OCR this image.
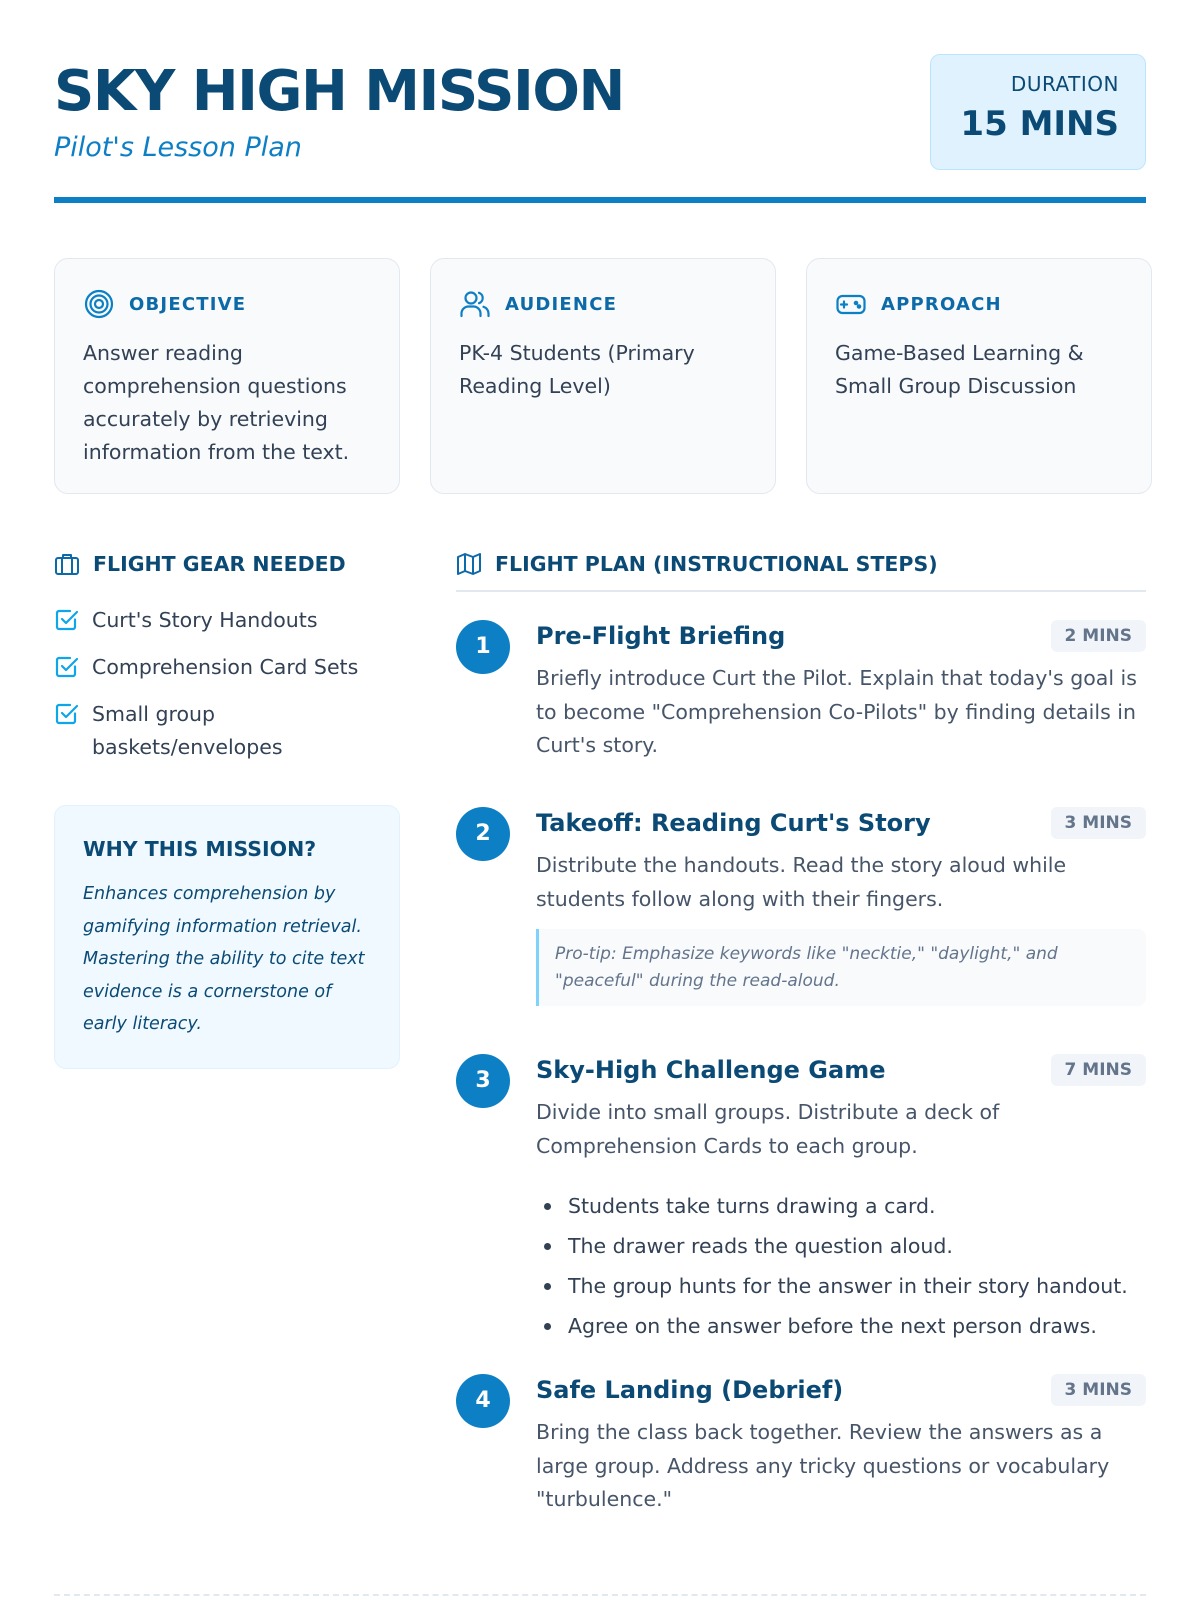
SKY HIGH MISSION
Pilot's Lesson Plan
DURATION
15 MINS
OBJECTIVE
Answer reading comprehension questions accurately by retrieving information from the text.
AUDIENCE
PK-4 Students (Primary Reading Level)
APPROACH
Game-Based Learning & Small Group Discussion
FLIGHT GEAR NEEDED
Curt's Story Handouts
Comprehension Card Sets
Small group baskets/envelopes
WHY THIS MISSION?
Enhances comprehension by gamifying information retrieval. Mastering the ability to cite text evidence is a cornerstone of early literacy.
FLIGHT PLAN (INSTRUCTIONAL STEPS)
1	Pre-Flight Briefing	2 MINS
Briefly introduce Curt the Pilot. Explain that today's goal is to become "Comprehension Co-Pilots" by finding details in Curt's story.
2	Takeoff: Reading Curt's Story	3 MINS
Distribute the handouts. Read the story aloud while students follow along with their fingers.
Pro-tip: Emphasize keywords like "necktie," "daylight," and "peaceful" during the read-aloud.
3	Sky-High Challenge Game	7 MINS
Divide into small groups. Distribute a deck of Comprehension Cards to each group.
Students take turns drawing a card.
The drawer reads the question aloud.
The group hunts for the answer in their story handout.
Agree on the answer before the next person draws.
4	Safe Landing (Debrief)	3 MINS
Bring the class back together. Review the answers as a large group. Address any tricky questions or vocabulary "turbulence."
